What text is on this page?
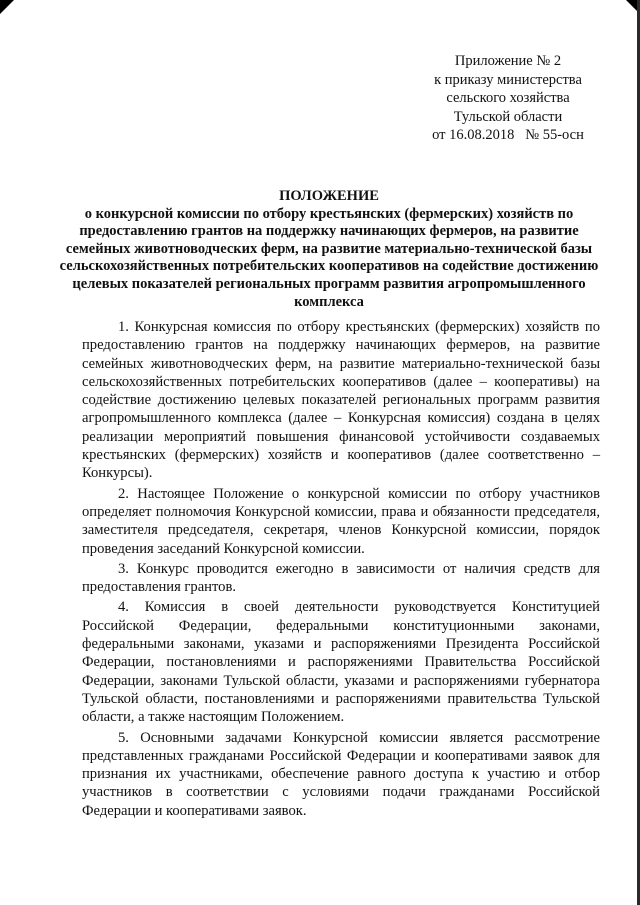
Приложение № 2
к приказу министерства
сельского хозяйства
Тульской области
от 16.08.2018   № 55-осн
ПОЛОЖЕНИЕ
о конкурсной комиссии по отбору крестьянских (фермерских) хозяйств по предоставлению грантов на поддержку начинающих фермеров, на развитие семейных животноводческих ферм, на развитие материально-технической базы сельскохозяйственных потребительских кооперативов на содействие достижению целевых показателей региональных программ развития агропромышленного комплекса

1. Конкурсная комиссия по отбору крестьянских (фермерских) хозяйств по предоставлению грантов на поддержку начинающих фермеров, на развитие семейных животноводческих ферм, на развитие материально-технической базы сельскохозяйственных потребительских кооперативов (далее – кооперативы) на содействие достижению целевых показателей региональных программ развития агропромышленного комплекса (далее – Конкурсная комиссия) создана в целях реализации мероприятий повышения финансовой устойчивости создаваемых крестьянских (фермерских) хозяйств и кооперативов (далее соответственно – Конкурсы).

2. Настоящее Положение о конкурсной комиссии по отбору участников определяет полномочия Конкурсной комиссии, права и обязанности председателя, заместителя председателя, секретаря, членов Конкурсной комиссии, порядок проведения заседаний Конкурсной комиссии.

3. Конкурс проводится ежегодно в зависимости от наличия средств для предоставления грантов.

4. Комиссия в своей деятельности руководствуется Конституцией Российской Федерации, федеральными конституционными законами, федеральными законами, указами и распоряжениями Президента Российской Федерации, постановлениями и распоряжениями Правительства Российской Федерации, законами Тульской области, указами и распоряжениями губернатора Тульской области, постановлениями и распоряжениями правительства Тульской области, а также настоящим Положением.

5. Основными задачами Конкурсной комиссии является рассмотрение представленных гражданами Российской Федерации и кооперативами заявок для признания их участниками, обеспечение равного доступа к участию и отбор участников в соответствии с условиями подачи гражданами Российской Федерации и кооперативами заявок.
